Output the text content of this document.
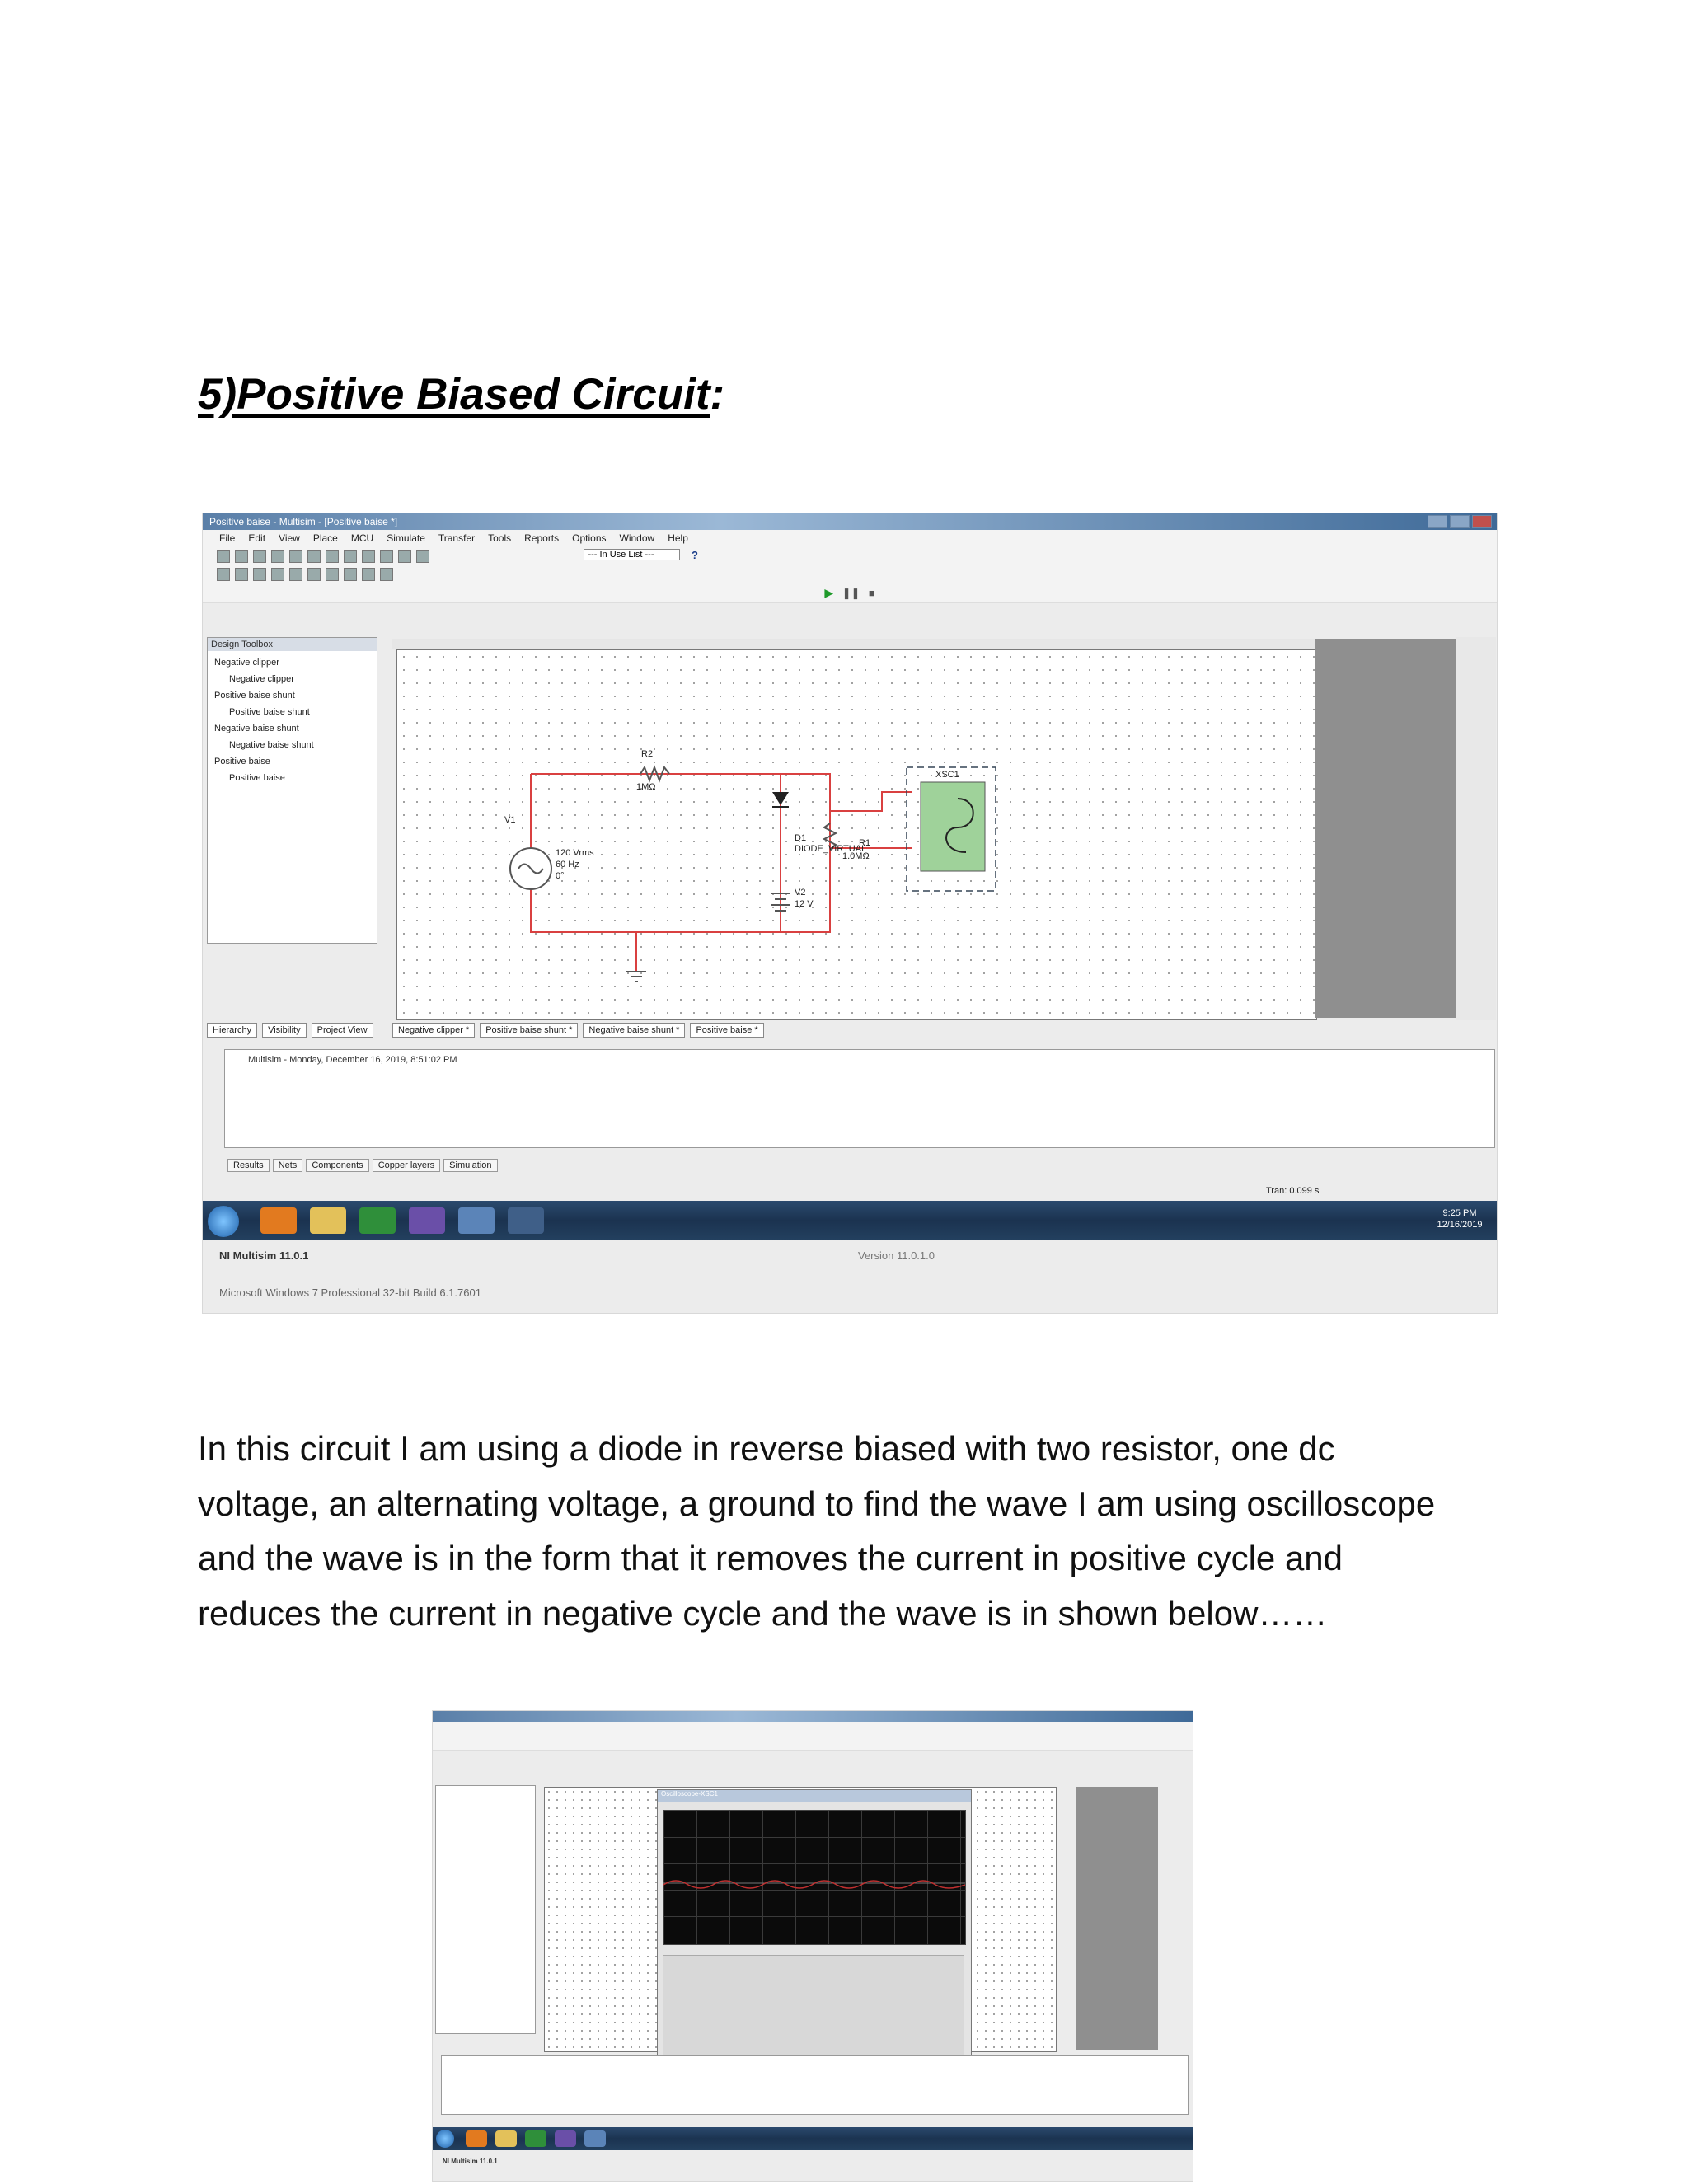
5)Positive Biased Circuit:
Positive baise - Multisim - [Positive baise *]
File Edit View Place MCU Simulate Transfer Tools Reports Options Window Help
--- In Use List ---	?
▶ ❚❚ ■
Design Toolbox
Negative clipper
Negative clipper
Positive baise shunt
Positive baise shunt
Negative baise shunt
Negative baise shunt
Positive baise
Positive baise
Hierarchy	Visibility	Project View
R2
1MΩ
V1
120 Vrms
60 Hz
0°
D1
DIODE_VIRTUAL
R1
1.0MΩ
V2
12 V
XSC1
Negative clipper *	Positive baise shunt *	Negative baise shunt *	Positive baise *
Multisim - Monday, December 16, 2019, 8:51:02 PM
Results	Nets	Components	Copper layers	Simulation
Tran: 0.099 s
9:25 PM
12/16/2019
NI Multisim 11.0.1
Microsoft Windows 7 Professional 32-bit Build 6.1.7601
Version 11.0.1.0

In this circuit I am using a diode in reverse biased with two resistor, one dc

voltage, an alternating voltage, a ground to find the wave I am using oscilloscope

and the wave is in the form that it removes the current in positive cycle and

reduces the current in negative cycle and the wave is in shown below……

Oscilloscope-XSC1
NI Multisim 11.0.1
